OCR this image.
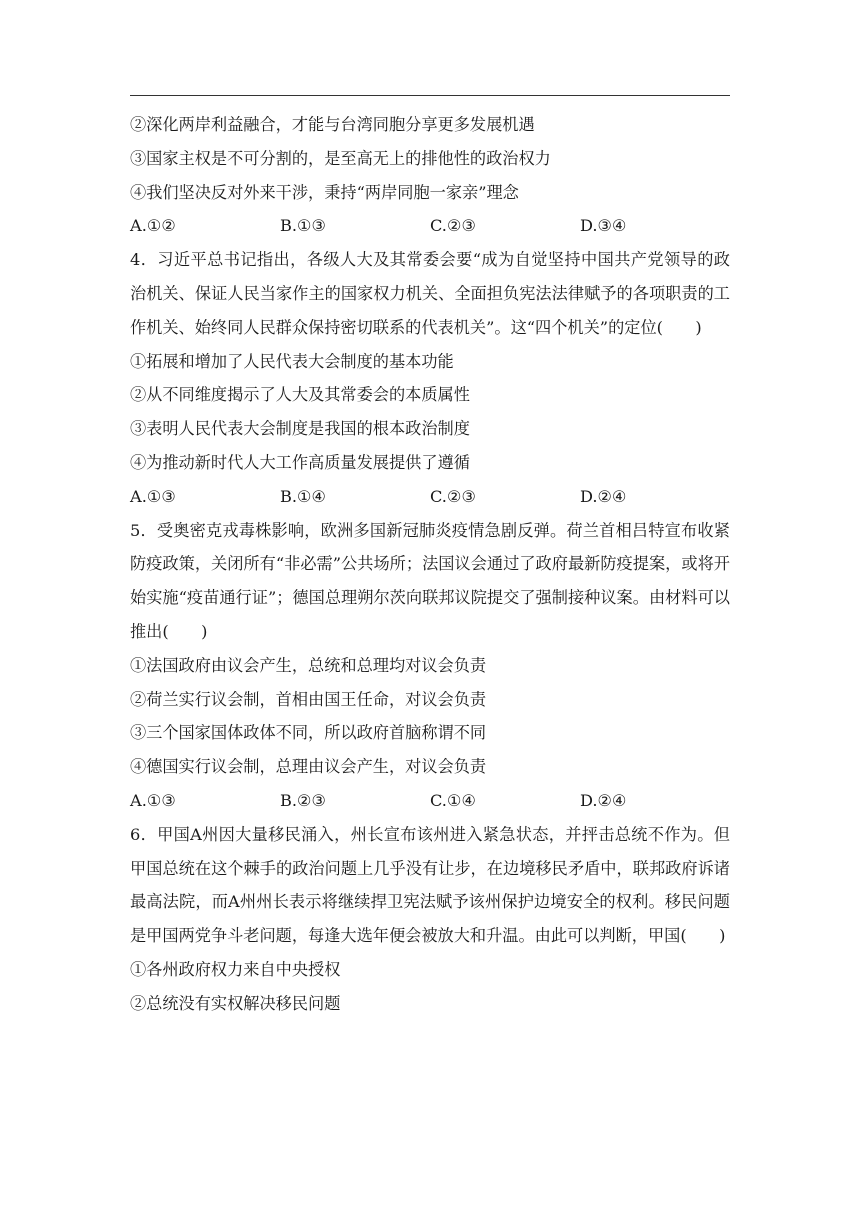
②深化两岸利益融合，才能与台湾同胞分享更多发展机遇
③国家主权是不可分割的，是至高无上的排他性的政治权力
④我们坚决反对外来干涉，秉持“两岸同胞一家亲”理念
A.①②	B.①③	C.②③	D.③④
4．习近平总书记指出，各级人大及其常委会要“成为自觉坚持中国共产党领导的政治机关、保证人民当家作主的国家权力机关、全面担负宪法法律赋予的各项职责的工作机关、始终同人民群众保持密切联系的代表机关”。这“四个机关”的定位(　　)
①拓展和增加了人民代表大会制度的基本功能
②从不同维度揭示了人大及其常委会的本质属性
③表明人民代表大会制度是我国的根本政治制度
④为推动新时代人大工作高质量发展提供了遵循
A.①③	B.①④	C.②③	D.②④
5．受奥密克戎毒株影响，欧洲多国新冠肺炎疫情急剧反弹。荷兰首相吕特宣布收紧防疫政策，关闭所有“非必需”公共场所；法国议会通过了政府最新防疫提案，或将开始实施“疫苗通行证”；德国总理朔尔茨向联邦议院提交了强制接种议案。由材料可以推出(　　)
①法国政府由议会产生，总统和总理均对议会负责
②荷兰实行议会制，首相由国王任命，对议会负责
③三个国家国体政体不同，所以政府首脑称谓不同
④德国实行议会制，总理由议会产生，对议会负责
A.①③	B.②③	C.①④	D.②④
6．甲国A州因大量移民涌入，州长宣布该州进入紧急状态，并抨击总统不作为。但甲国总统在这个棘手的政治问题上几乎没有让步，在边境移民矛盾中，联邦政府诉诸最高法院，而A州州长表示将继续捍卫宪法赋予该州保护边境安全的权利。移民问题是甲国两党争斗老问题，每逢大选年便会被放大和升温。由此可以判断，甲国(　　)
①各州政府权力来自中央授权
②总统没有实权解决移民问题
